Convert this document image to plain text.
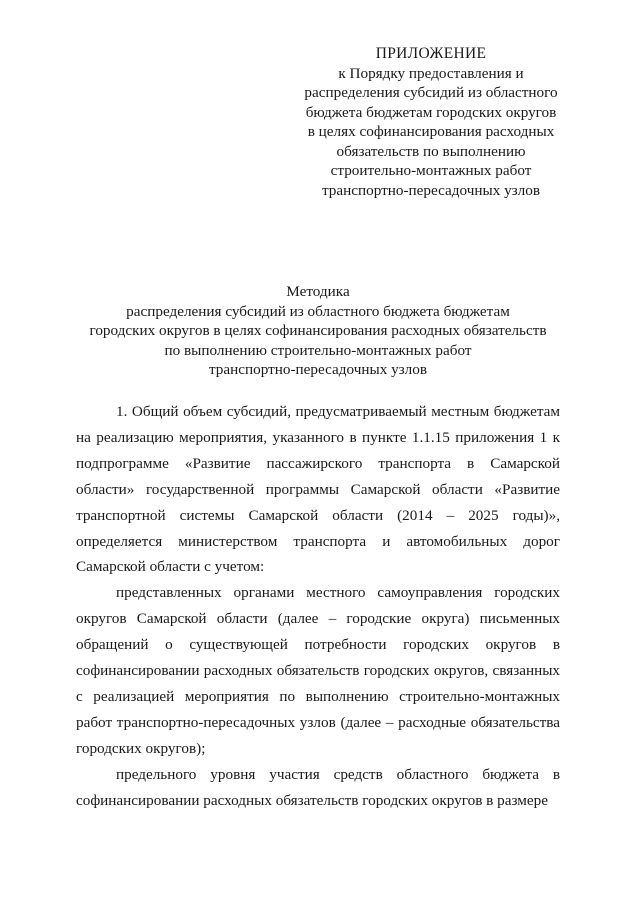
ПРИЛОЖЕНИЕ
к Порядку предоставления и
распределения субсидий из областного
бюджета бюджетам городских округов
в целях софинансирования расходных
обязательств по выполнению
строительно-монтажных работ
транспортно-пересадочных узлов
Методика
распределения субсидий из областного бюджета бюджетам
городских округов в целях софинансирования расходных обязательств
по выполнению строительно-монтажных работ
транспортно-пересадочных узлов

1. Общий объем субсидий, предусматриваемый местным бюджетам на реализацию мероприятия, указанного в пункте 1.1.15 приложения 1 к подпрограмме «Развитие пассажирского транспорта в Самарской области» государственной программы Самарской области «Развитие транспортной системы Самарской области (2014 – 2025 годы)», определяется министерством транспорта и автомобильных дорог Самарской области с учетом:

представленных органами местного самоуправления городских округов Самарской области (далее – городские округа) письменных обращений о существующей потребности городских округов в софинансировании расходных обязательств городских округов, связанных с реализацией мероприятия по выполнению строительно-монтажных работ транспортно-пересадочных узлов (далее – расходные обязательства городских округов);

предельного уровня участия средств областного бюджета в софинансировании расходных обязательств городских округов в размере
